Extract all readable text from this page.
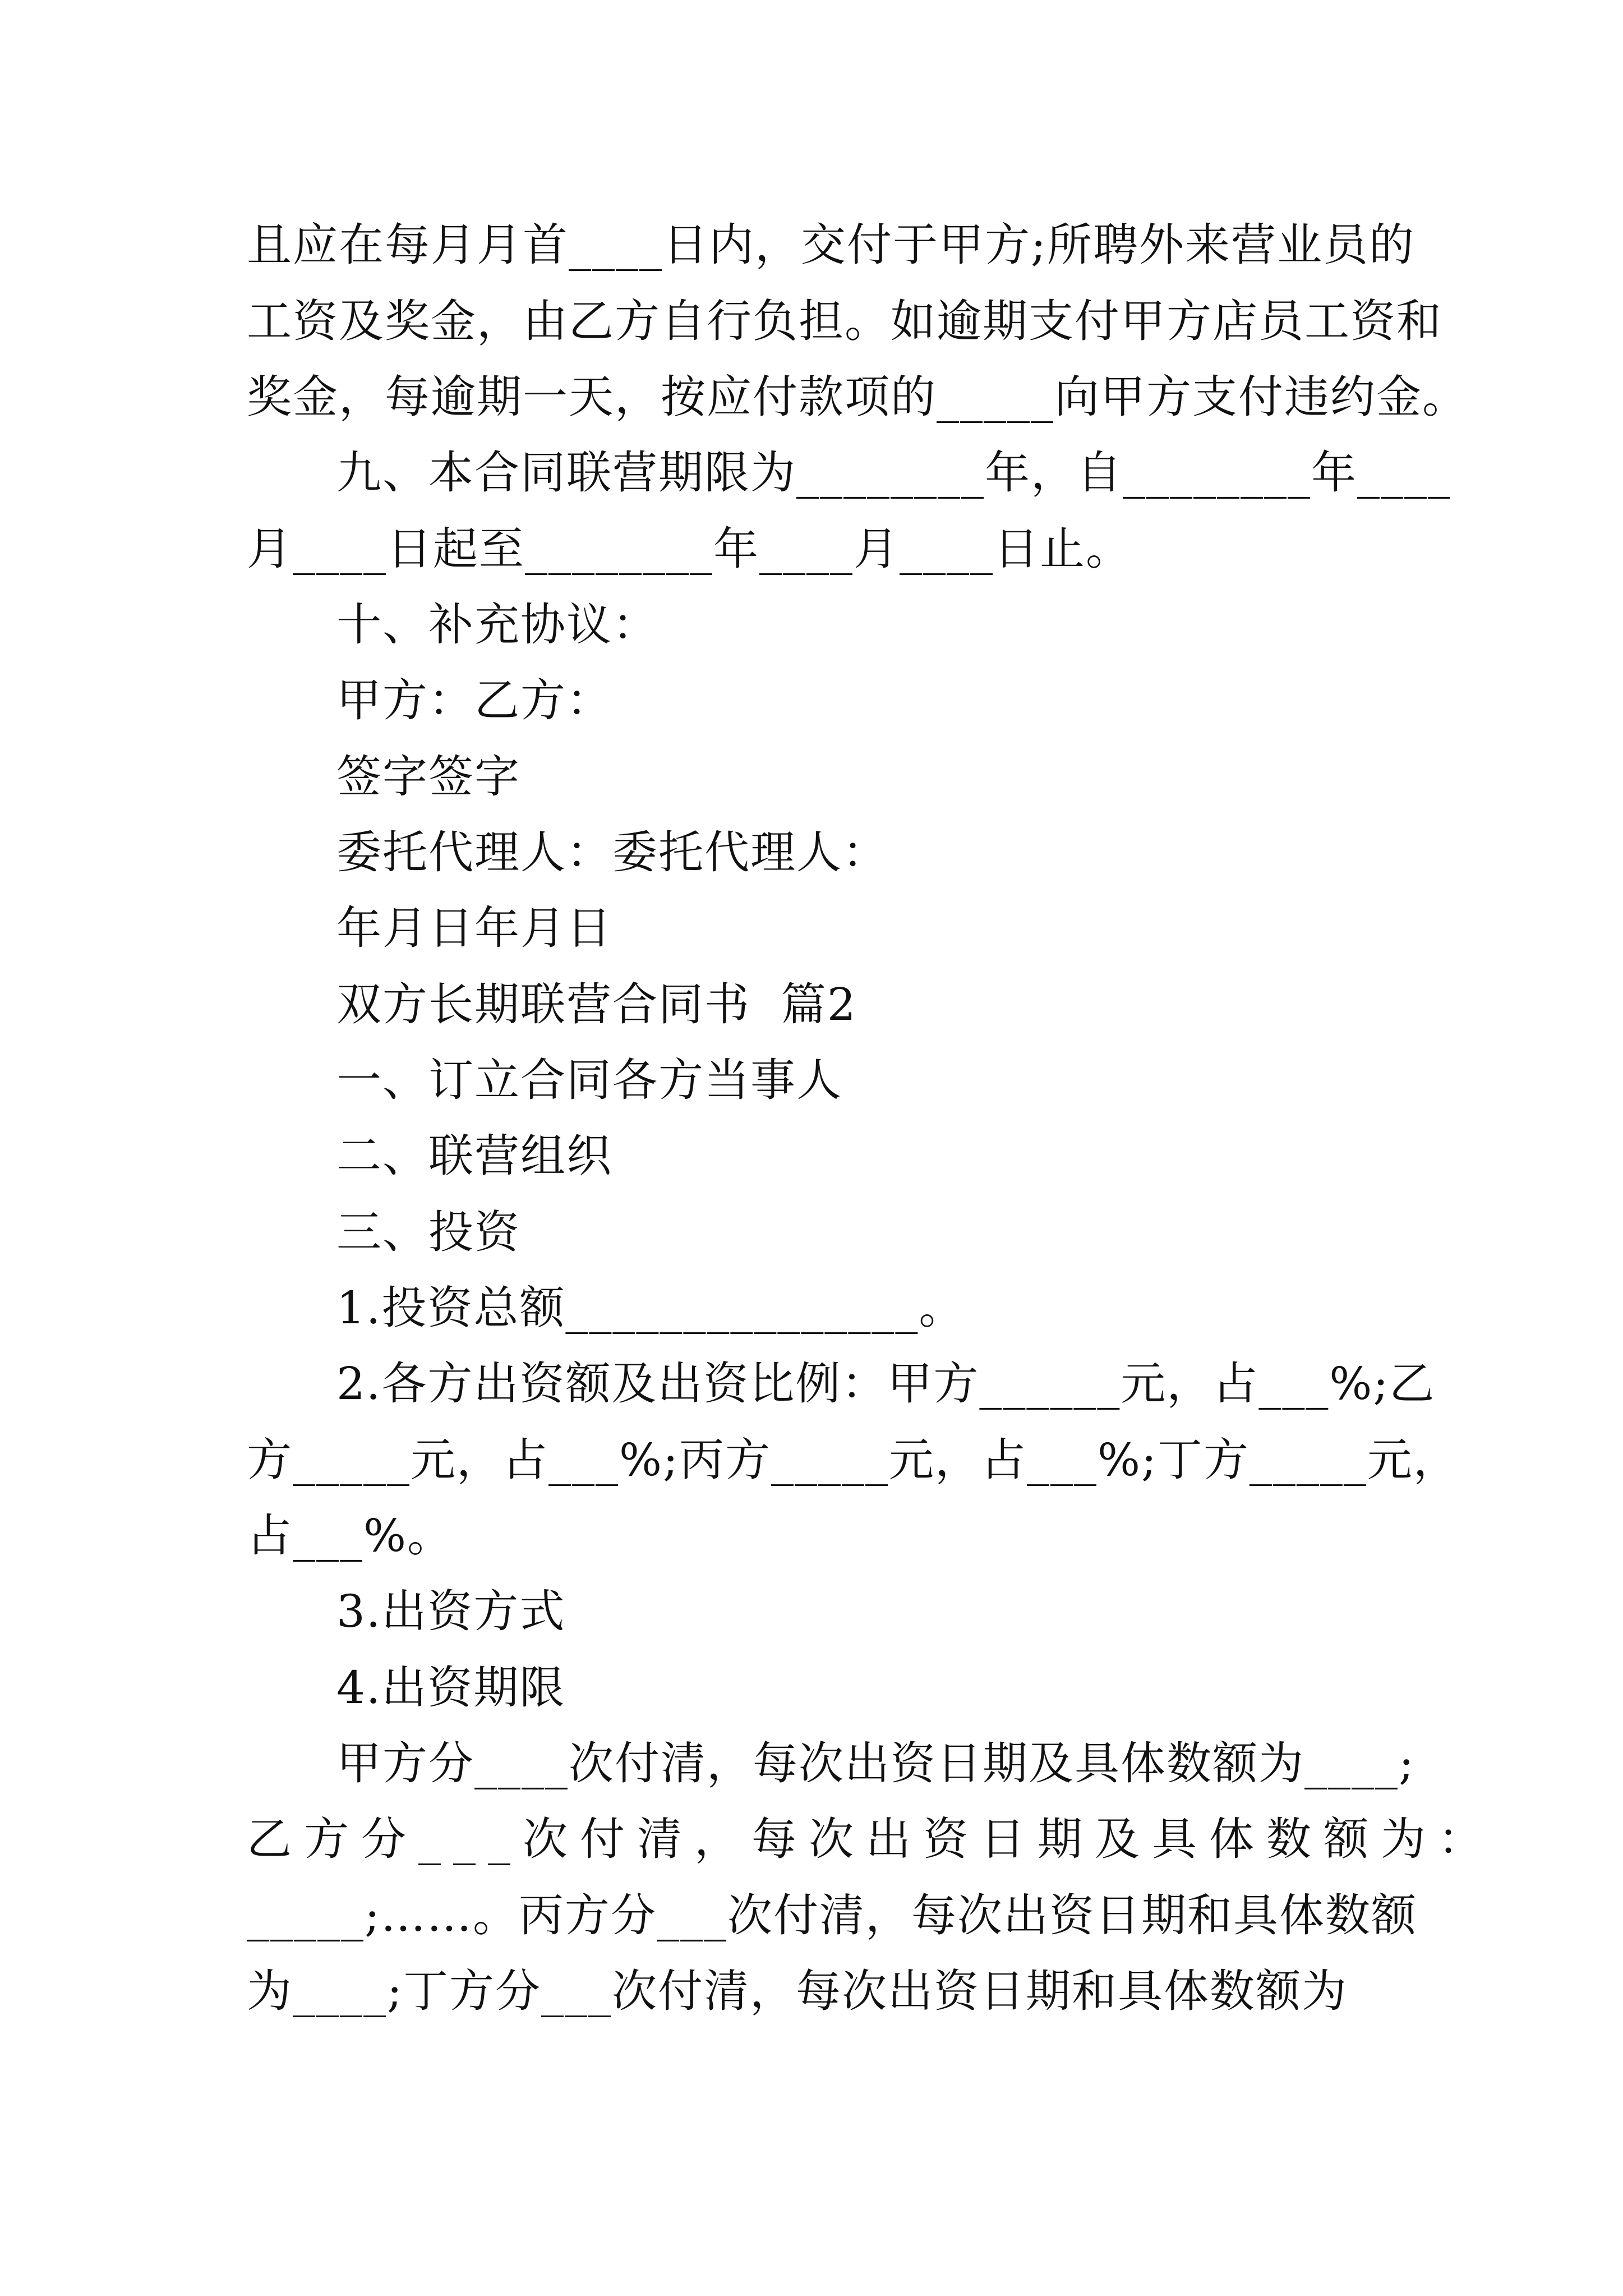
且应在每月月首____日内，交付于甲方;所聘外来营业员的
工资及奖金，由乙方自行负担。如逾期支付甲方店员工资和
奖金，每逾期一天，按应付款项的_____向甲方支付违约金。
九、本合同联营期限为________年，自________年____
月____日起至________年____月____日止。
十、补充协议：
甲方：乙方：
签字签字
委托代理人：委托代理人：
年月日年月日
双方长期联营合同书  篇2
一、订立合同各方当事人
二、联营组织
三、投资
1.投资总额_______________。
2.各方出资额及出资比例：甲方______元，占___%;乙
方_____元，占___%;丙方_____元，占___%;丁方_____元，
占___%。
3.出资方式
4.出资期限
甲方分____次付清，每次出资日期及具体数额为____;
乙方分___次付清，每次出资日期及具体数额为：
_____;……。丙方分___次付清，每次出资日期和具体数额
为____;丁方分___次付清，每次出资日期和具体数额为
